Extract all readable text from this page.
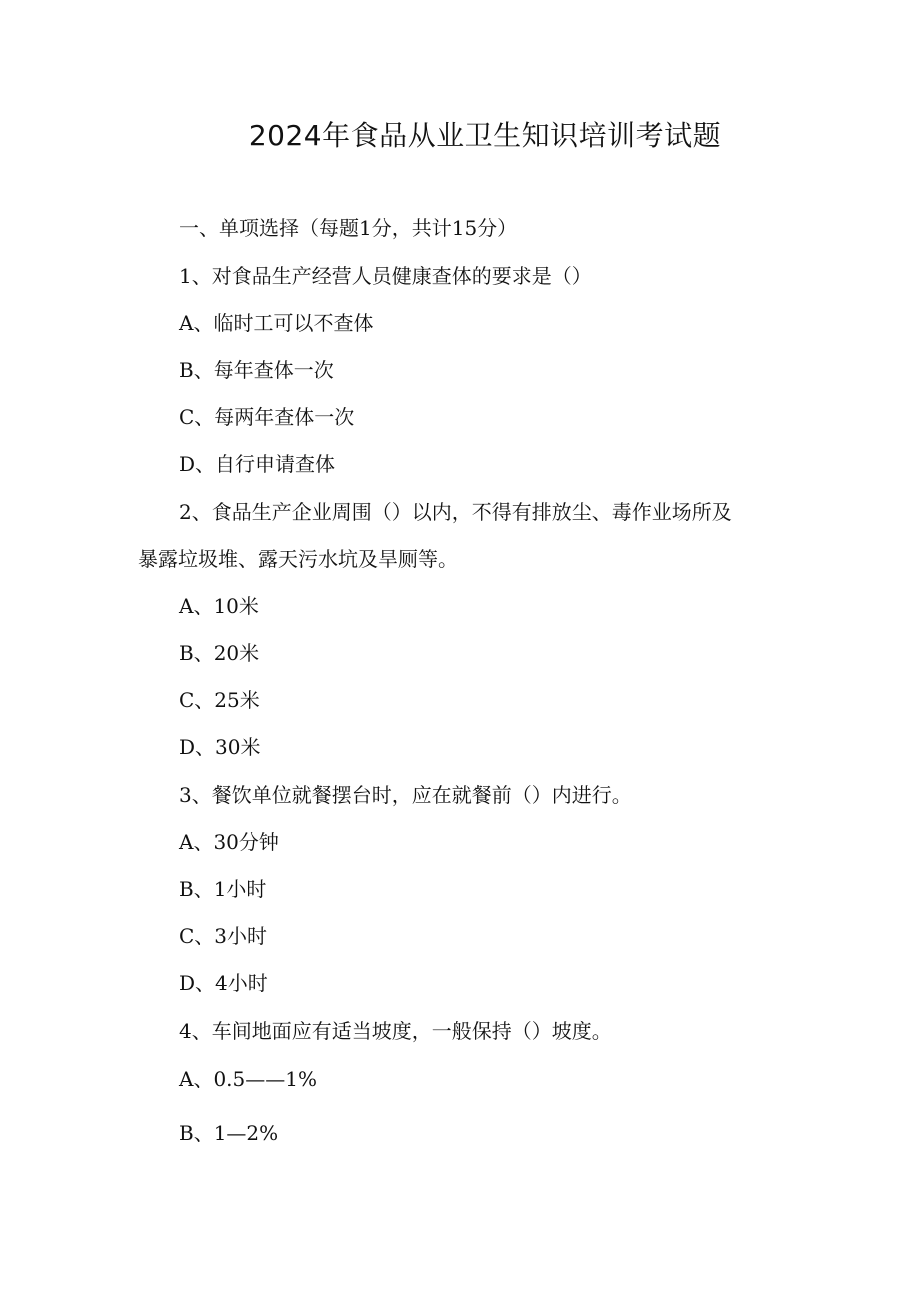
2024年食品从业卫生知识培训考试题
一、单项选择（每题1分，共计15分）
1、对食品生产经营人员健康查体的要求是（）
A、临时工可以不查体
B、每年查体一次
C、每两年查体一次
D、自行申请查体
2、食品生产企业周围（）以内，不得有排放尘、毒作业场所及
暴露垃圾堆、露天污水坑及旱厕等。
A、10米
B、20米
C、25米
D、30米
3、餐饮单位就餐摆台时，应在就餐前（）内进行。
A、30分钟
B、1小时
C、3小时
D、4小时
4、车间地面应有适当坡度，一般保持（）坡度。
A、0.5——1%
B、1—2%
